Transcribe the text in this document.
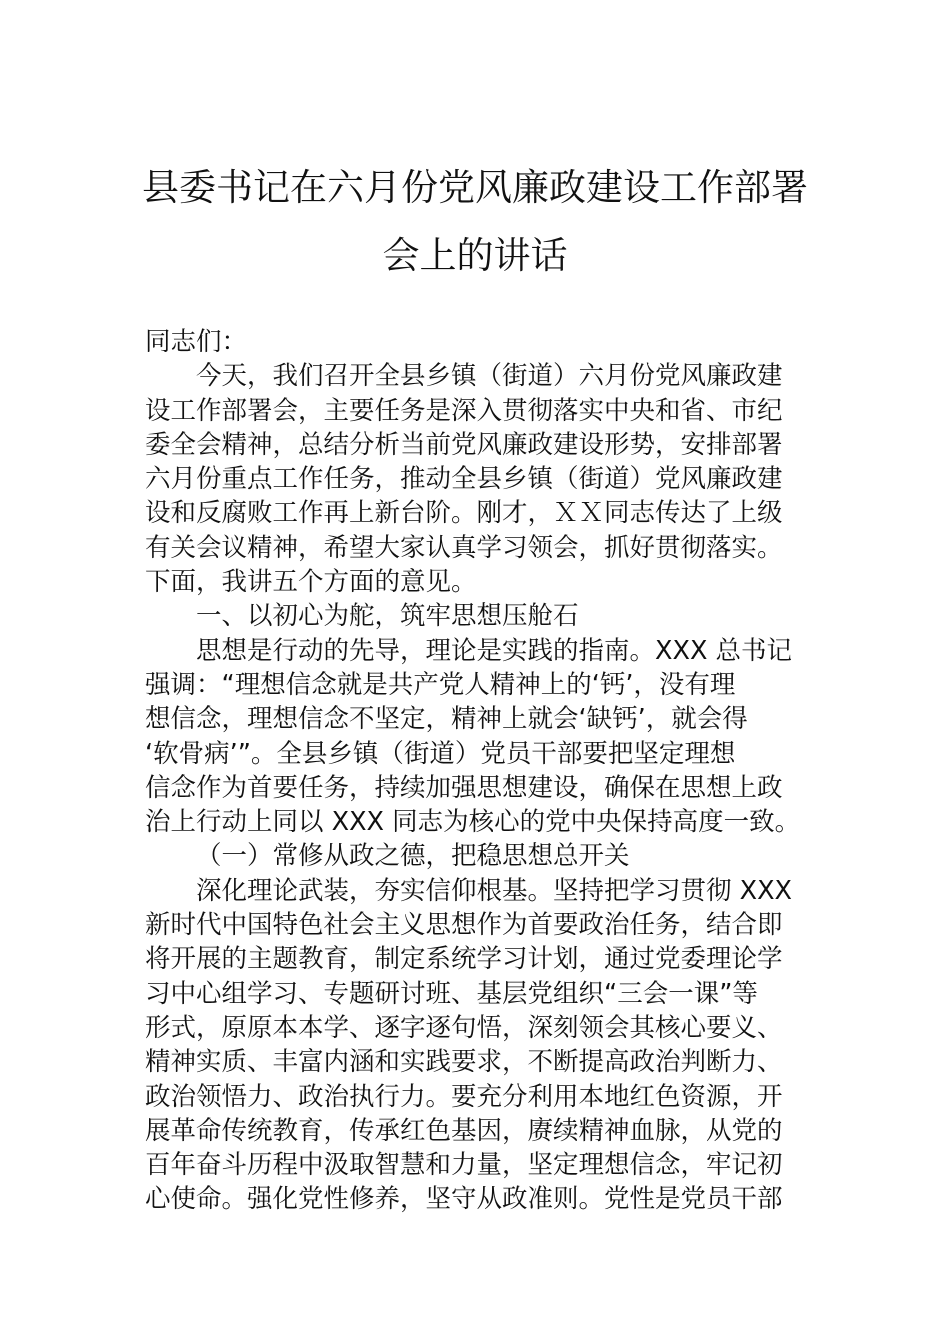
县委书记在六月份党风廉政建设工作部署
会上的讲话
同志们：
今天，我们召开全县乡镇（街道）六月份党风廉政建
设工作部署会，主要任务是深入贯彻落实中央和省、市纪
委全会精神，总结分析当前党风廉政建设形势，安排部署
六月份重点工作任务，推动全县乡镇（街道）党风廉政建
设和反腐败工作再上新台阶。刚才，ＸＸ同志传达了上级
有关会议精神，希望大家认真学习领会，抓好贯彻落实。
下面，我讲五个方面的意见。
一、以初心为舵，筑牢思想压舱石
思想是行动的先导，理论是实践的指南。XXX 总书记
强调：“理想信念就是共产党人精神上的‘钙’，没有理
想信念，理想信念不坚定，精神上就会‘缺钙’，就会得
‘软骨病’”。全县乡镇（街道）党员干部要把坚定理想
信念作为首要任务，持续加强思想建设，确保在思想上政
治上行动上同以 XXX 同志为核心的党中央保持高度一致。
（一）常修从政之德，把稳思想总开关
深化理论武装，夯实信仰根基。坚持把学习贯彻 XXX
新时代中国特色社会主义思想作为首要政治任务，结合即
将开展的主题教育，制定系统学习计划，通过党委理论学
习中心组学习、专题研讨班、基层党组织“三会一课”等
形式，原原本本学、逐字逐句悟，深刻领会其核心要义、
精神实质、丰富内涵和实践要求，不断提高政治判断力、
政治领悟力、政治执行力。要充分利用本地红色资源，开
展革命传统教育，传承红色基因，赓续精神血脉，从党的
百年奋斗历程中汲取智慧和力量，坚定理想信念，牢记初
心使命。强化党性修养，坚守从政准则。党性是党员干部
